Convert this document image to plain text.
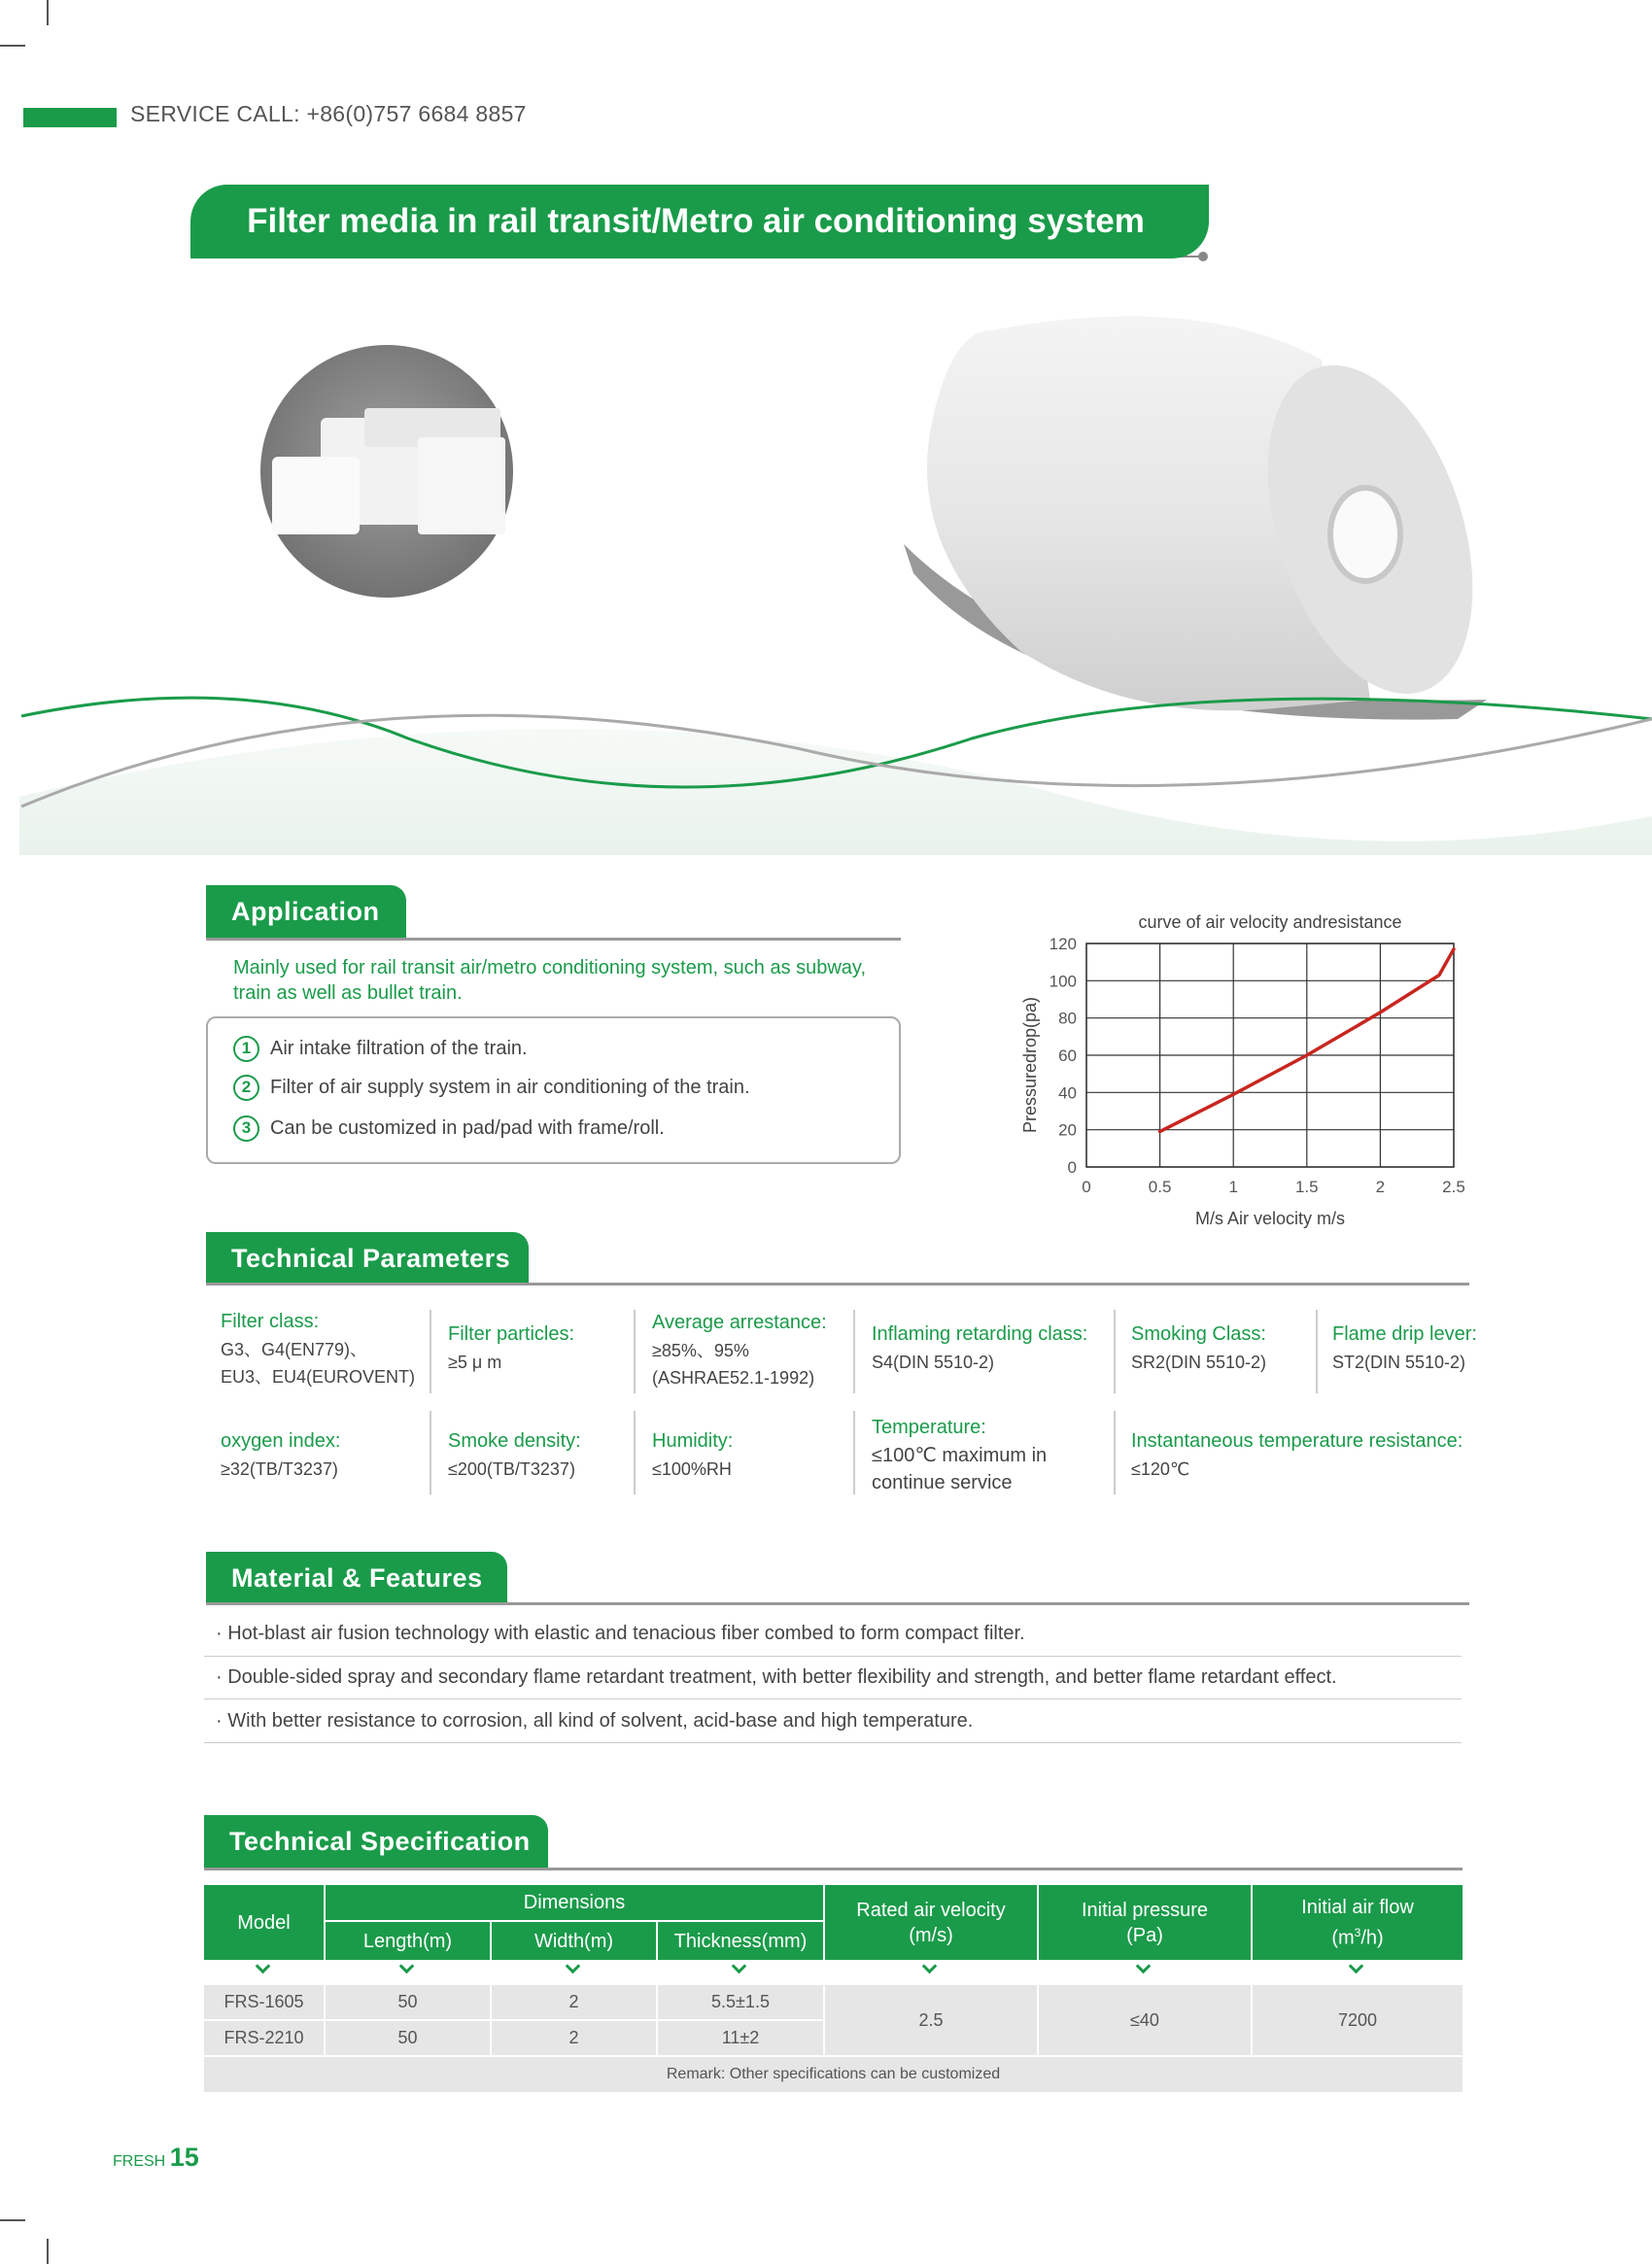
SERVICE CALL: +86(0)757 6684 8857
Filter media in rail transit/Metro air conditioning system
Application
Mainly used for rail transit air/metro conditioning system, such as subway,
train as well as bullet train.
1 Air intake filtration of the train.
2 Filter of air supply system in air conditioning of the train.
3 Can be customized in pad/pad with frame/roll.
0
20
40
60
80
100
120
0	0.5	1	1.5	2	2.5
curve of air velocity andresistance
M/s Air velocity m/s
Pressuredrop(pa)
Technical Parameters
Filter class:
G3、G4(EN779)、
EU3、EU4(EUROVENT)
Filter particles:
≥5 μ m
Average arrestance:
≥85%、95%
(ASHRAE52.1-1992)
Inflaming retarding class:
S4(DIN 5510-2)
Smoking Class:
SR2(DIN 5510-2)
Flame drip lever:
ST2(DIN 5510-2)
oxygen index:
≥32(TB/T3237)
Smoke density:
≤200(TB/T3237)
Humidity:
≤100%RH
Temperature:
≤100℃ maximum in
continue service
Instantaneous temperature resistance:
≤120℃
Material & Features
· Hot-blast air fusion technology with elastic and tenacious fiber combed to form compact filter.
· Double-sided spray and secondary flame retardant treatment, with better flexibility and strength, and better flame retardant effect.
· With better resistance to corrosion, all kind of solvent, acid-base and high temperature.
Technical Specification
Model
Dimensions
Length(m)	Width(m)	Thickness(mm)
Rated air velocity
(m/s)
Initial pressure
(Pa)
Initial air flow
$(m^3/h)$
FRS-1605	50	2	5.5±1.5
FRS-2210	50	2	11±2
2.5	≤40	7200
Remark: Other specifications can be customized
FRESH 15
